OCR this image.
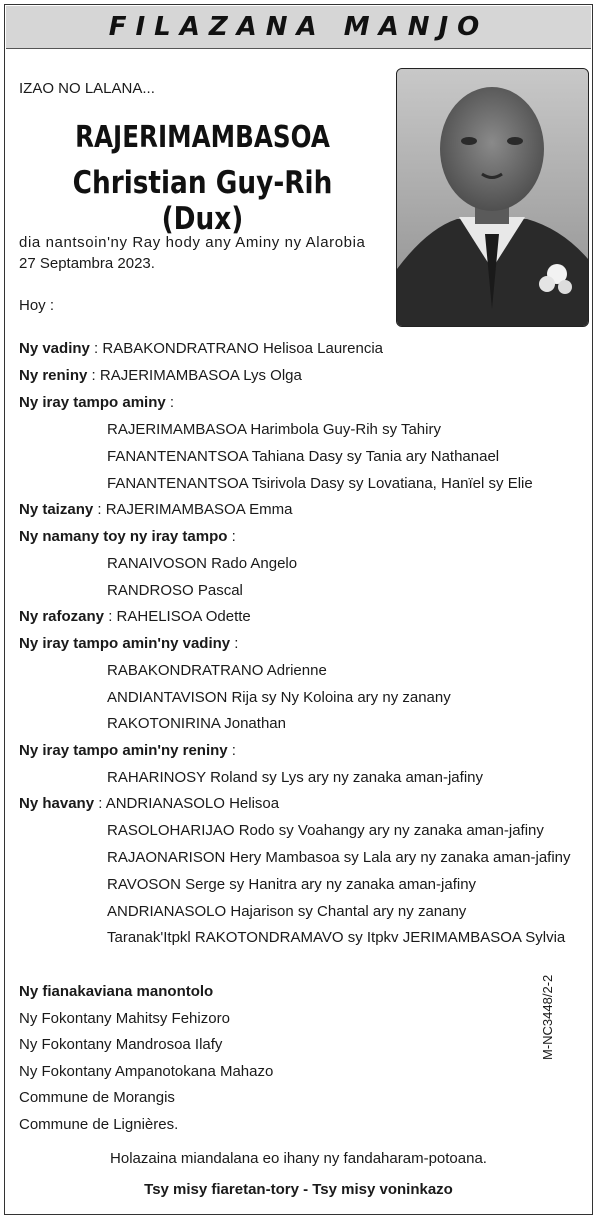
FILAZANA MANJO
IZAO NO LALANA...
RAJERIMAMBASOA
Christian Guy-Rih (Dux)
dia nantsoin'ny Ray hody any Aminy ny Alarobia
27 Septambra 2023.
Hoy :
Ny vadiny : RABAKONDRATRANO Helisoa Laurencia
Ny reniny : RAJERIMAMBASOA Lys Olga
Ny iray tampo aminy :
RAJERIMAMBASOA Harimbola Guy-Rih sy Tahiry
FANANTENANTSOA Tahiana Dasy sy Tania ary Nathanael
FANANTENANTSOA Tsirivola Dasy sy Lovatiana, Hanïel sy Elie
Ny taizany : RAJERIMAMBASOA Emma
Ny namany toy ny iray tampo :
RANAIVOSON Rado Angelo
RANDROSO Pascal
Ny rafozany : RAHELISOA Odette
Ny iray tampo amin'ny vadiny :
RABAKONDRATRANO Adrienne
ANDIANTAVISON Rija sy Ny Koloina ary ny zanany
RAKOTONIRINA Jonathan
Ny iray tampo amin'ny reniny :
RAHARINOSY Roland sy Lys ary ny zanaka aman-jafiny
Ny havany : ANDRIANASOLO Helisoa
RASOLOHARIJAO Rodo sy Voahangy ary ny zanaka aman-jafiny
RAJAONARISON Hery Mambasoa sy Lala ary ny zanaka aman-jafiny
RAVOSON Serge sy Hanitra ary ny zanaka aman-jafiny
ANDRIANASOLO Hajarison sy Chantal ary ny zanany
Taranak'Itpkl RAKOTONDRAMAVO sy Itpkv JERIMAMBASOA Sylvia
Ny fianakaviana manontolo
Ny Fokontany Mahitsy Fehizoro
Ny Fokontany Mandrosoa Ilafy
Ny Fokontany Ampanotokana Mahazo
Commune de Morangis
Commune de Lignières.
M-NC3448/2-2
Holazaina miandalana eo ihany ny fandaharam-potoana.
Tsy misy fiaretan-tory - Tsy misy voninkazo
